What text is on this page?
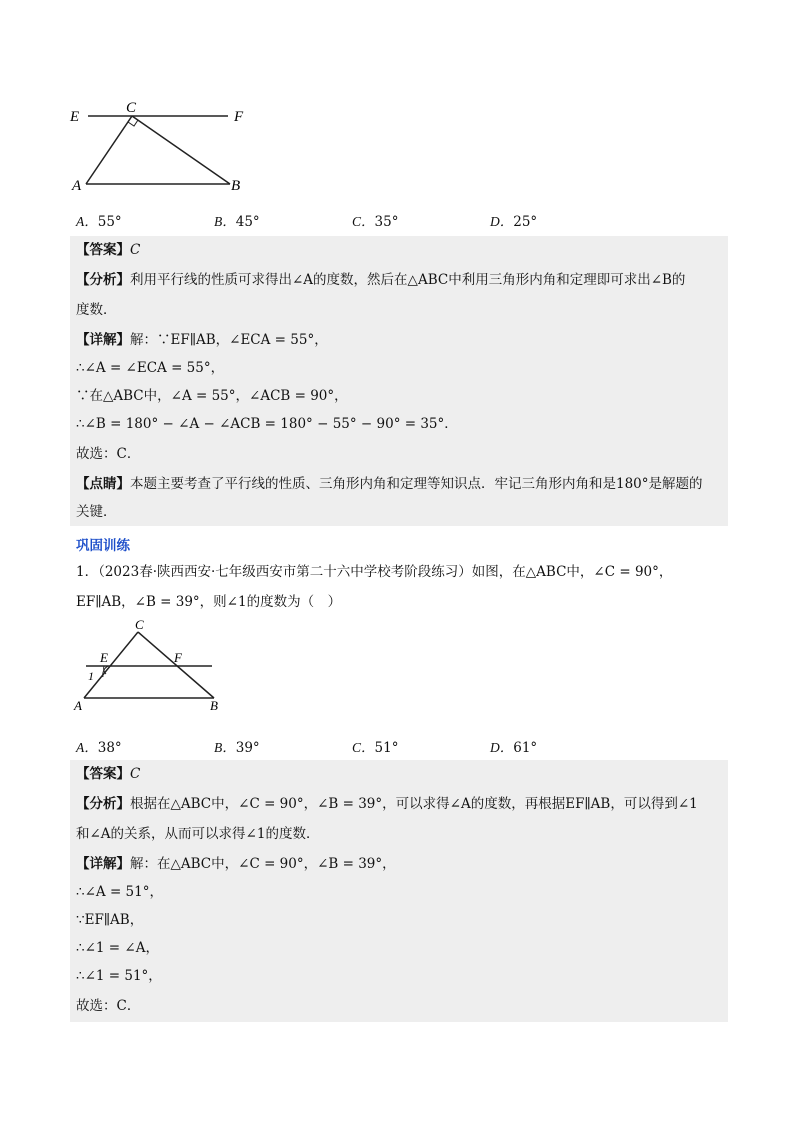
E
C
F
A	B
A．55°	B．45°	C．35°	D．25°
【答案】C
【分析】利用平行线的性质可求得出∠A的度数，然后在△ABC中利用三角形内角和定理即可求出∠B的
度数．
【详解】解：∵EF∥AB，∠ECA = 55°，
∴∠A = ∠ECA = 55°，
∵在△ABC中，∠A = 55°，∠ACB = 90°，
∴∠B = 180° − ∠A − ∠ACB = 180° − 55° − 90° = 35°．
故选：C．
【点睛】本题主要考查了平行线的性质、三角形内角和定理等知识点．牢记三角形内角和是180°是解题的
关键．
巩固训练
1．（2023春·陕西西安·七年级西安市第二十六中学校考阶段练习）如图，在△ABC中，∠C = 90°，
EF∥AB，∠B = 39°，则∠1的度数为（　）
C
E	F
1
A	B
A．38°	B．39°	C．51°	D．61°
【答案】C
【分析】根据在△ABC中，∠C = 90°，∠B = 39°，可以求得∠A的度数，再根据EF∥AB，可以得到∠1
和∠A的关系，从而可以求得∠1的度数．
【详解】解：在△ABC中，∠C = 90°，∠B = 39°，
∴∠A = 51°，
∵EF∥AB，
∴∠1 = ∠A，
∴∠1 = 51°，
故选：C．
